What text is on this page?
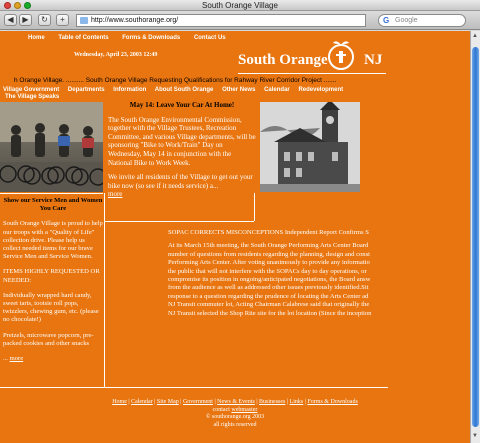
South Orange Village
◀	▶	↻	+	http://www.southorange.org/	G Google
Home Table of Contents Forms & Downloads Contact Us
Wednesday, April 23, 2003 12:49	South Orange NJ
h Orange Village. .......... South Orange Village Requesting Qualifications for Rahway River Corridor Project .......
Village Government Departments Information About South Orange Other News Calendar Redevelopment
The Village Speaks
May 14: Leave Your Car At Home!

The South Orange Environmental Commission, together with the Village Trustees, Recreation Committee, and various Village departments, will be sponsoring "Bike to Work/Train" Day on Wednesday, May 14 in conjunction with the National Bike to Work Week.

We invite all residents of the Village to get out your bike now (so see if it needs service) a...
more

Show our Service Men and Women You Care

South Orange Village is proud to help our troops with a "Quality of Life" collection drive. Please help us collect needed items for our brave Service Men and Service Women.

ITEMS HIGHLY REQUESTED OR NEEDED:

Individually wrapped hard candy, sweet tarts, tootsie roll pops, twizzlers, chewing gum, etc. (please no chocolate!)

Pretzels, microwave popcorn, pre-packed cookies and other snacks

... more

SOPAC CORRECTS MISCONCEPTIONS Independent Report Confirms S
At its March 15th meeting, the South Orange Performing Arts Center Board
number of questions from residents regarding the planning, design and const
Performing Arts Center. After voting unanimously to provide any informatio
the public that will not interfere with the SOPACs day to day operations, or
compromise its position in ongoing/anticipated negotiations, the Board answ
from the audience as well as addressed other issues previously identified.Sit
response to a question regarding the prudence of locating the Arts Center ad
NJ Transit commuter lot, Acting Chairman Calabrese said that originally the
NJ Transit selected the Shop Rite site for the lot location (Since the inception
Home | Calendar | Site Map | Government | News & Events | Businesses | Links | Forms & Downloads
contact webmaster
© southorange.org 2003
all rights reserved
▲
▼
